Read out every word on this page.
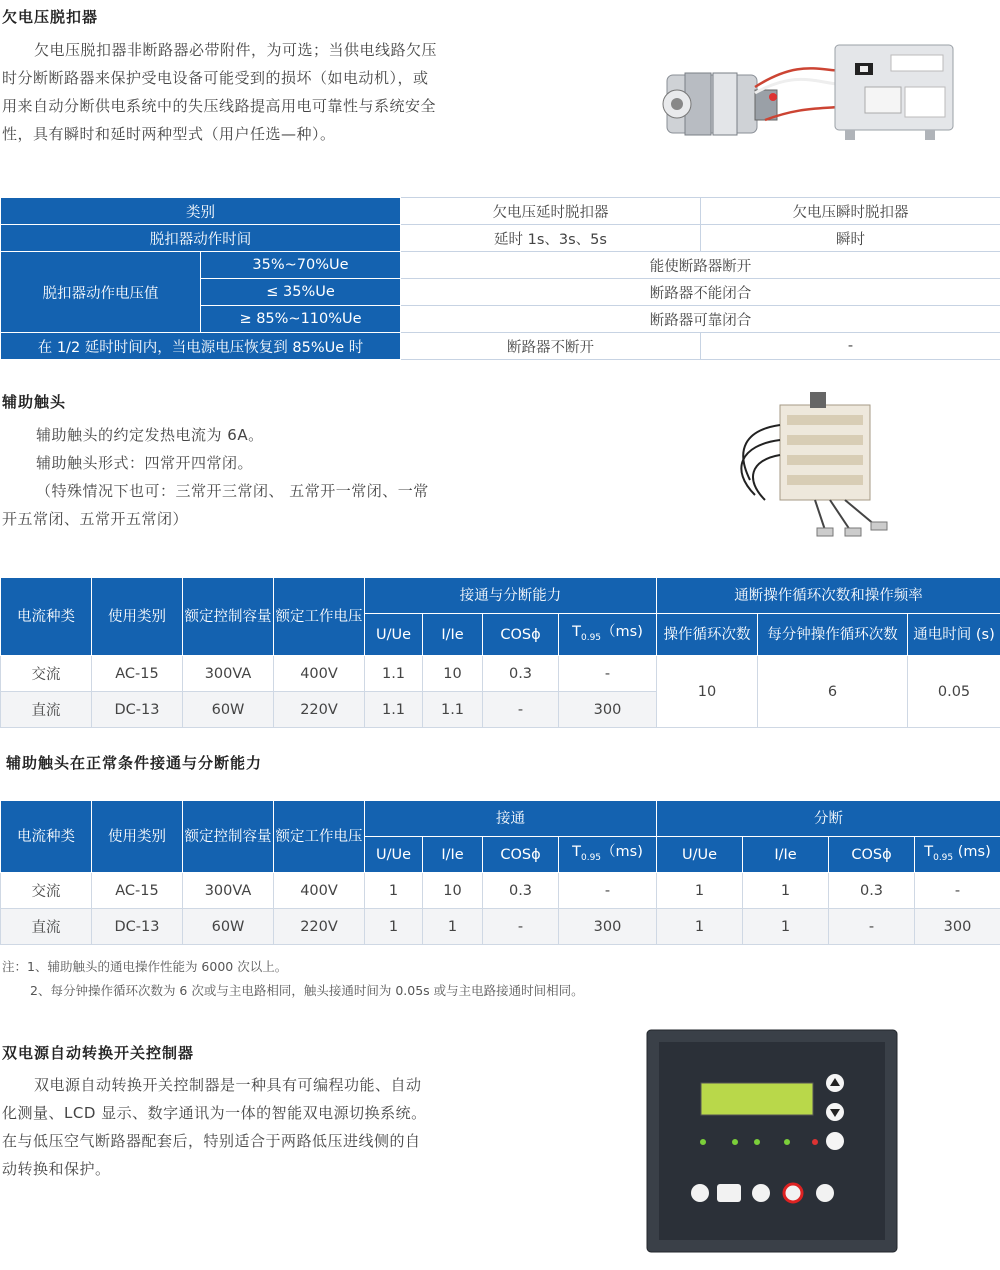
欠电压脱扣器

欠电压脱扣器非断路器必带附件，为可选；当供电线路欠压

时分断断路器来保护受电设备可能受到的损坏（如电动机），或

用来自动分断供电系统中的失压线路提高用电可靠性与系统安全

性，具有瞬时和延时两种型式（用户任选—种）。

类别		欠电压延时脱扣器	欠电压瞬时脱扣器
脱扣器动作时间		延时 1s、3s、5s	瞬时
脱扣器动作电压值	35%~70%Ue	能使断路器断开	
	≤ 35%Ue	断路器不能闭合	
	≥ 85%~110%Ue	断路器可靠闭合	
在 1/2 延时时间内，当电源电压恢复到 85%Ue 时		断路器不断开	-
辅助触头

辅助触头的约定发热电流为 6A。

辅助触头形式：四常开四常闭。

（特殊情况下也可：三常开三常闭、 五常开一常闭、一常

开五常闭、五常开五常闭）

电流种类	使用类别	额定控制容量	额定工作电压	接通与分断能力				通断操作循环次数和操作频率		
				U/Ue	I/Ie	COSϕ	$T_{0.95}(ms)$	操作循环次数	每分钟操作循环次数	通电时间 (s)
交流	AC-15	300VA	400V	1.1	10	0.3	-	10	6	0.05
直流	DC-13	60W	220V	1.1	1.1	-	300			
辅助触头在正常条件接通与分断能力
电流种类	使用类别	额定控制容量	额定工作电压	接通				分断			
				U/Ue	I/Ie	COSϕ	$T_{0.95}(ms)$	U/Ue	I/Ie	COSϕ	$T_{0.95}$ (ms)
交流	AC-15	300VA	400V	1	10	0.3	-	1	1	0.3	-
直流	DC-13	60W	220V	1	1	-	300	1	1	-	300
注：1、辅助触头的通电操作性能为 6000 次以上。
2、每分钟操作循环次数为 6 次或与主电路相同，触头接通时间为 0.05s 或与主电路接通时间相同。
双电源自动转换开关控制器

双电源自动转换开关控制器是一种具有可编程功能、自动

化测量、LCD 显示、数字通讯为一体的智能双电源切换系统。

在与低压空气断路器配套后，特别适合于两路低压进线侧的自

动转换和保护。
